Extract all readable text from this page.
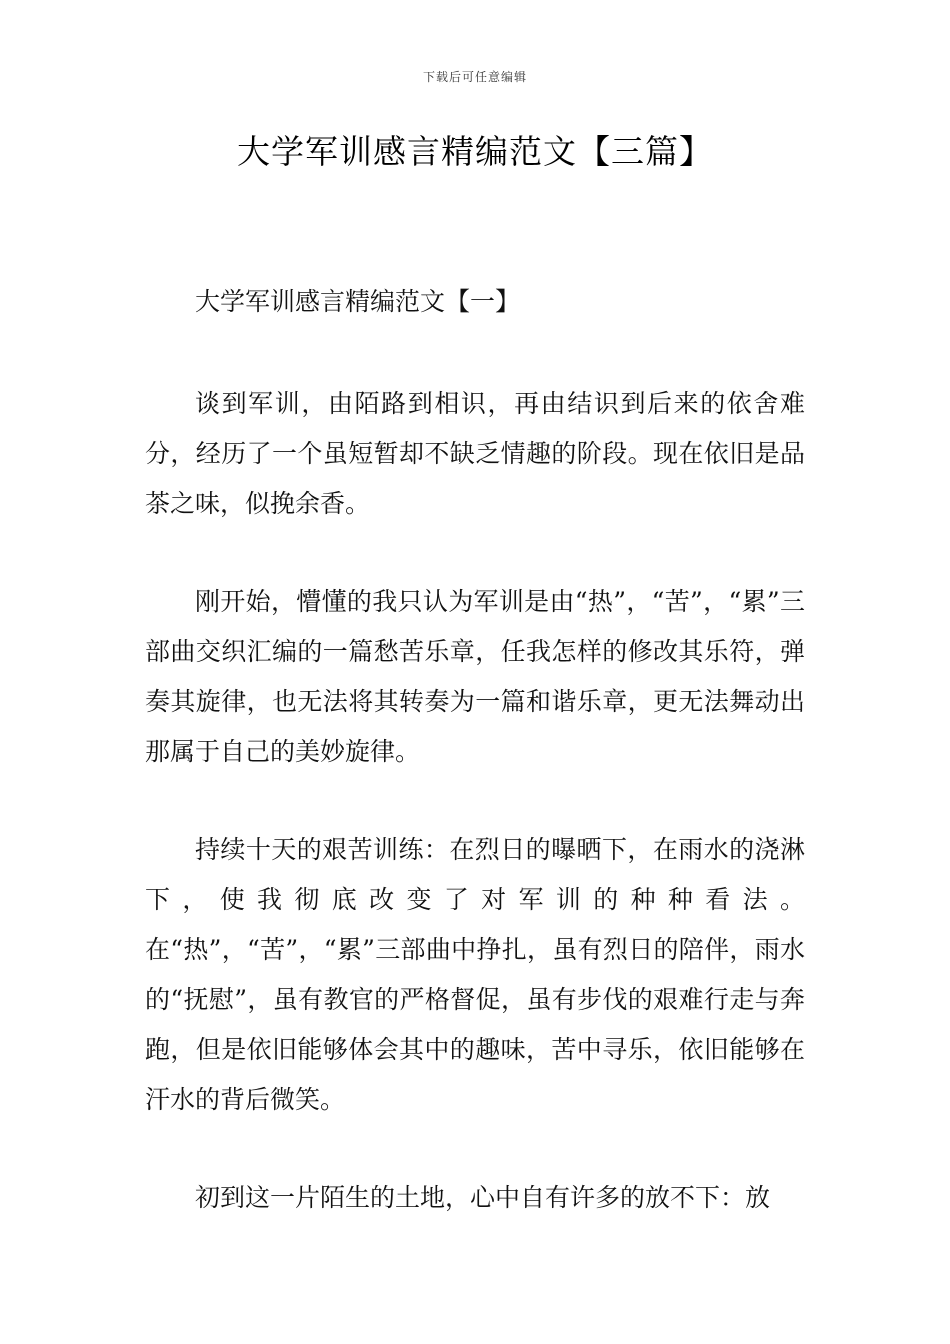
下载后可任意编辑
大学军训感言精编范文【三篇】
大学军训感言精编范文【一】

谈到军训，由陌路到相识，再由结识到后来的依舍难分，经历了一个虽短暂却不缺乏情趣的阶段。现在依旧是品茶之味，似挽余香。

刚开始，懵懂的我只认为军训是由“热”，“苦”，“累”三部曲交织汇编的一篇愁苦乐章，任我怎样的修改其乐符，弹奏其旋律，也无法将其转奏为一篇和谐乐章，更无法舞动出那属于自己的美妙旋律。

持续十天的艰苦训练：在烈日的曝晒下，在雨水的浇淋下，使我彻底改变了对军训的种种看法。在“热”，“苦”，“累”三部曲中挣扎，虽有烈日的陪伴，雨水的“抚慰”，虽有教官的严格督促，虽有步伐的艰难行走与奔跑，但是依旧能够体会其中的趣味，苦中寻乐，依旧能够在汗水的背后微笑。

初到这一片陌生的土地，心中自有许多的放不下：放
